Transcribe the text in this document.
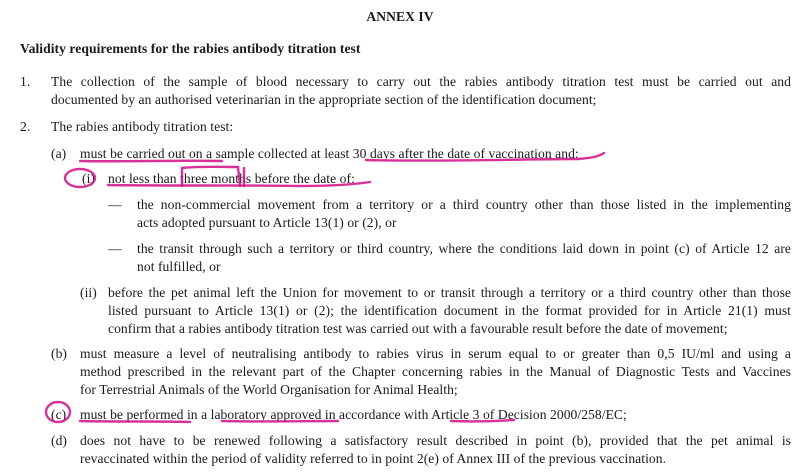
ANNEX IV
Validity requirements for the rabies antibody titration test
1. The collection of the sample of blood necessary to carry out the rabies antibody titration test must be carried out and
documented by an authorised veterinarian in the appropriate section of the identification document;
2. The rabies antibody titration test:
(a) must be carried out on a sample collected at least 30 days after the date of vaccination and:
(i) not less than three months before the date of:
— the non-commercial movement from a territory or a third country other than those listed in the implementing
acts adopted pursuant to Article 13(1) or (2), or
— the transit through such a territory or third country, where the conditions laid down in point (c) of Article 12 are
not fulfilled, or
(ii) before the pet animal left the Union for movement to or transit through a territory or a third country other than those
listed pursuant to Article 13(1) or (2); the identification document in the format provided for in Article 21(1) must
confirm that a rabies antibody titration test was carried out with a favourable result before the date of movement;
(b) must measure a level of neutralising antibody to rabies virus in serum equal to or greater than 0,5 IU/ml and using a
method prescribed in the relevant part of the Chapter concerning rabies in the Manual of Diagnostic Tests and Vaccines
for Terrestrial Animals of the World Organisation for Animal Health;
(c) must be performed in a laboratory approved in accordance with Article 3 of Decision 2000/258/EC;
(d) does not have to be renewed following a satisfactory result described in point (b), provided that the pet animal is
revaccinated within the period of validity referred to in point 2(e) of Annex III of the previous vaccination.
